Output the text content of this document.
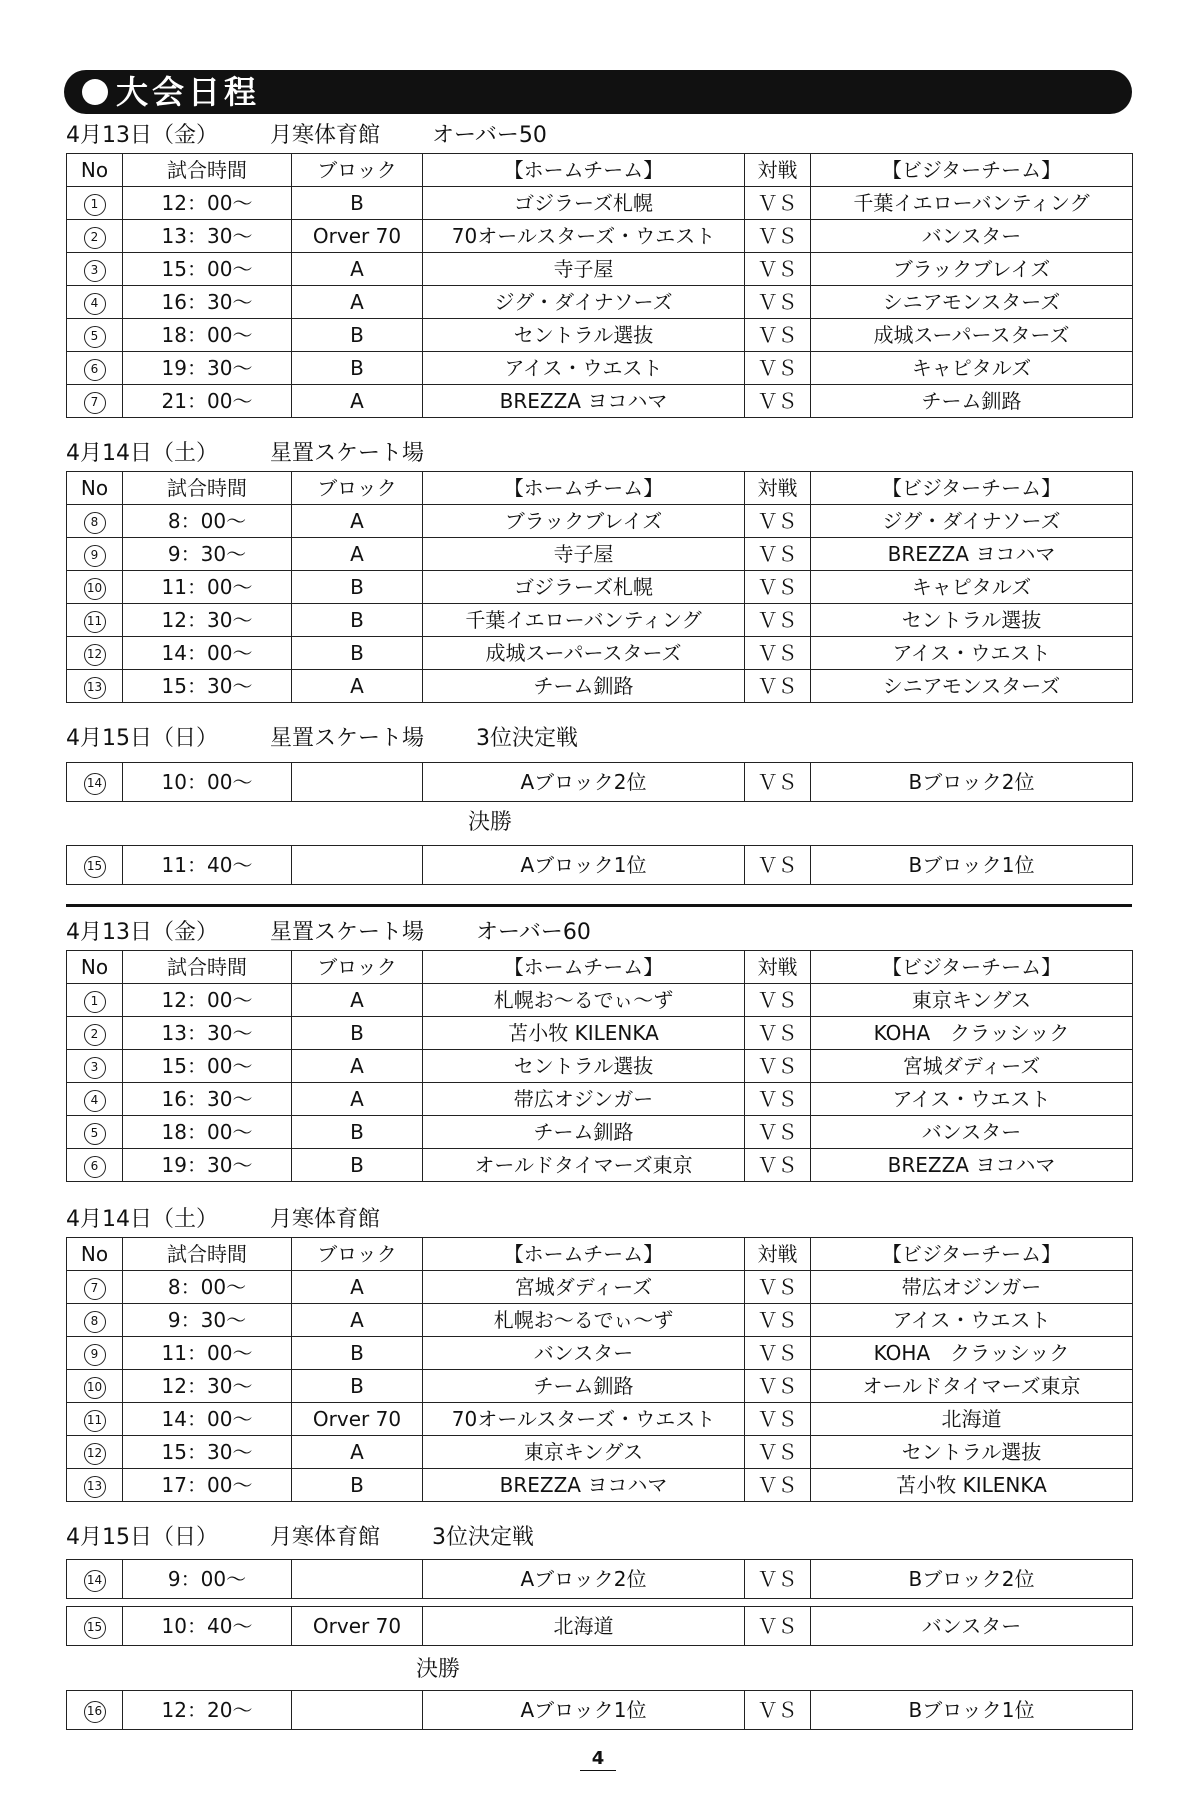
大会日程
4月13日（金） 月寒体育館 オーバー50
No	試合時間	ブロック	【ホームチーム】	対戦	【ビジターチーム】
1	12：00～	B	ゴジラーズ札幌	ＶＳ	千葉イエローバンティング
2	13：30～	Orver 70	70オールスターズ・ウエスト	ＶＳ	バンスター
3	15：00～	A	寺子屋	ＶＳ	ブラックブレイズ
4	16：30～	A	ジグ・ダイナソーズ	ＶＳ	シニアモンスターズ
5	18：00～	B	セントラル選抜	ＶＳ	成城スーパースターズ
6	19：30～	B	アイス・ウエスト	ＶＳ	キャピタルズ
7	21：00～	A	BREZZA ヨコハマ	ＶＳ	チーム釧路
4月14日（土） 星置スケート場
No	試合時間	ブロック	【ホームチーム】	対戦	【ビジターチーム】
8	8：00～	A	ブラックブレイズ	ＶＳ	ジグ・ダイナソーズ
9	9：30～	A	寺子屋	ＶＳ	BREZZA ヨコハマ
10	11：00～	B	ゴジラーズ札幌	ＶＳ	キャピタルズ
11	12：30～	B	千葉イエローバンティング	ＶＳ	セントラル選抜
12	14：00～	B	成城スーパースターズ	ＶＳ	アイス・ウエスト
13	15：30～	A	チーム釧路	ＶＳ	シニアモンスターズ
4月15日（日） 星置スケート場 3位決定戦
14	10：00～		Aブロック2位	ＶＳ	Bブロック2位
決勝
15	11：40～		Aブロック1位	ＶＳ	Bブロック1位
4月13日（金） 星置スケート場 オーバー60
No	試合時間	ブロック	【ホームチーム】	対戦	【ビジターチーム】
1	12：00～	A	札幌お～るでぃ～ず	ＶＳ	東京キングス
2	13：30～	B	苫小牧 KILENKA	ＶＳ	KOHA　クラッシック
3	15：00～	A	セントラル選抜	ＶＳ	宮城ダディーズ
4	16：30～	A	帯広オジンガー	ＶＳ	アイス・ウエスト
5	18：00～	B	チーム釧路	ＶＳ	バンスター
6	19：30～	B	オールドタイマーズ東京	ＶＳ	BREZZA ヨコハマ
4月14日（土） 月寒体育館
No	試合時間	ブロック	【ホームチーム】	対戦	【ビジターチーム】
7	8：00～	A	宮城ダディーズ	ＶＳ	帯広オジンガー
8	9：30～	A	札幌お～るでぃ～ず	ＶＳ	アイス・ウエスト
9	11：00～	B	バンスター	ＶＳ	KOHA　クラッシック
10	12：30～	B	チーム釧路	ＶＳ	オールドタイマーズ東京
11	14：00～	Orver 70	70オールスターズ・ウエスト	ＶＳ	北海道
12	15：30～	A	東京キングス	ＶＳ	セントラル選抜
13	17：00～	B	BREZZA ヨコハマ	ＶＳ	苫小牧 KILENKA
4月15日（日） 月寒体育館 3位決定戦
14	9：00～		Aブロック2位	ＶＳ	Bブロック2位
15	10：40～	Orver 70	北海道	ＶＳ	バンスター
決勝
16	12：20～		Aブロック1位	ＶＳ	Bブロック1位
4
